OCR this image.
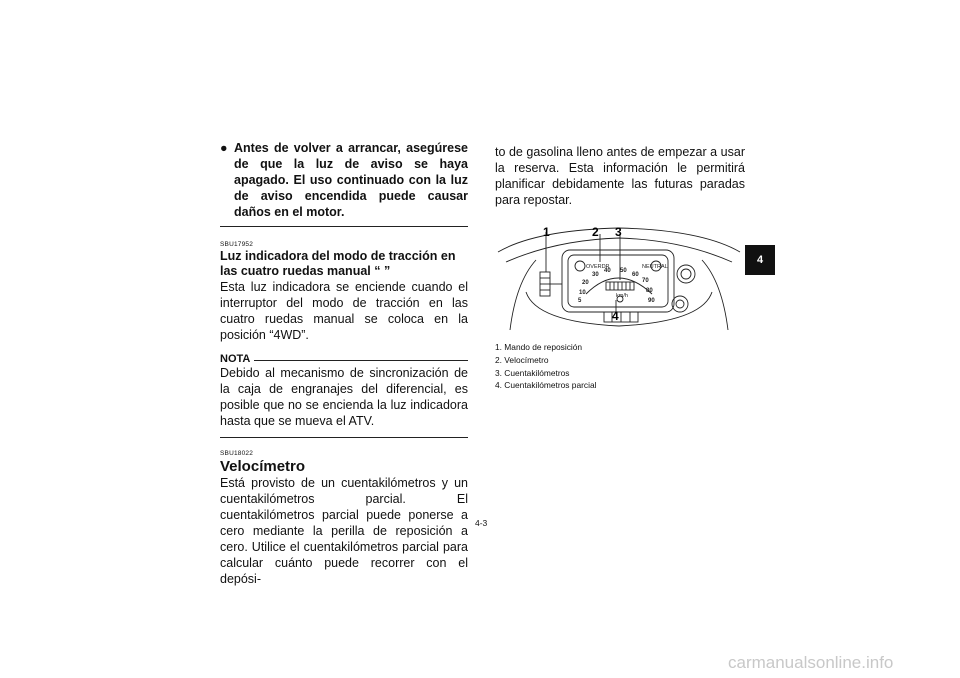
● Antes de volver a arrancar, asegúrese de que la luz de aviso se haya apagado. El uso continuado con la luz de aviso encendida puede causar daños en el motor.
SBU17952
Luz indicadora del modo de tracción en las cuatro ruedas manual “ ”
Esta luz indicadora se enciende cuando el interruptor del modo de tracción en las cuatro ruedas manual se coloca en la posición “4WD”.
NOTA
Debido al mecanismo de sincronización de la caja de engranajes del diferencial, es posible que no se encienda la luz indicadora hasta que se mueva el ATV.
SBU18022
Velocímetro
Está provisto de un cuentakilómetros y un cuentakilómetros parcial. El cuentakilómetros parcial puede ponerse a cero mediante la perilla de reposición a cero. Utilice el cuentakilómetros parcial para calcular cuánto puede recorrer con el depósi-
to de gasolina lleno antes de empezar a usar la reserva. Esta información le permitirá planificar debidamente las futuras paradas para repostar.
4
1	2 3
4
OVERDR	NEUTRAL
km/h
10
20
30
40 50
60
70
80
5	90
1. Mando de reposición
2. Velocímetro
3. Cuentakilómetros
4. Cuentakilómetros parcial
4-3
carmanualsonline.info
